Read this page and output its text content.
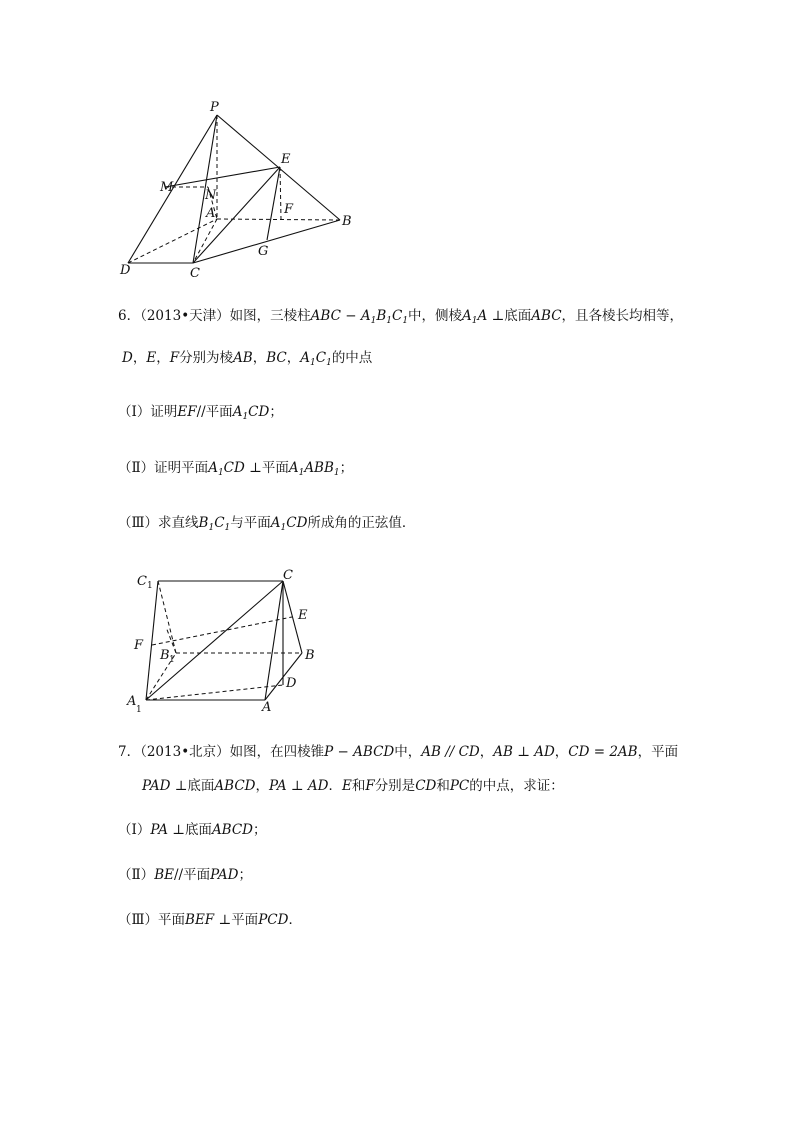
P
E
M
N
A	F
B
D	C
G
6．（2013•天津）如图，三棱柱ABC − $A_1B_1C_1$中，侧棱$A_1A$ ⊥底面ABC，且各棱长均相等，
D，E，F分别为棱AB，BC，$A_1C_1$的中点
（Ⅰ）证明EF//平面$A_1CD$；
（Ⅱ）证明平面$A_1CD$ ⊥平面$A_1ABB_1$；
（Ⅲ）求直线$B_1C_1$与平面$A_1CD$所成角的正弦值．
C 1
C
E
F
B 1	B
D
A
1	A
7．（2013•北京）如图，在四棱锥P − ABCD中，AB // CD，AB ⊥ AD，CD = 2AB，平面
PAD ⊥底面ABCD，PA ⊥ AD．E和F分别是CD和PC的中点，求证：
（Ⅰ）PA ⊥底面ABCD；
（Ⅱ）BE//平面PAD；
（Ⅲ）平面BEF ⊥平面PCD．
